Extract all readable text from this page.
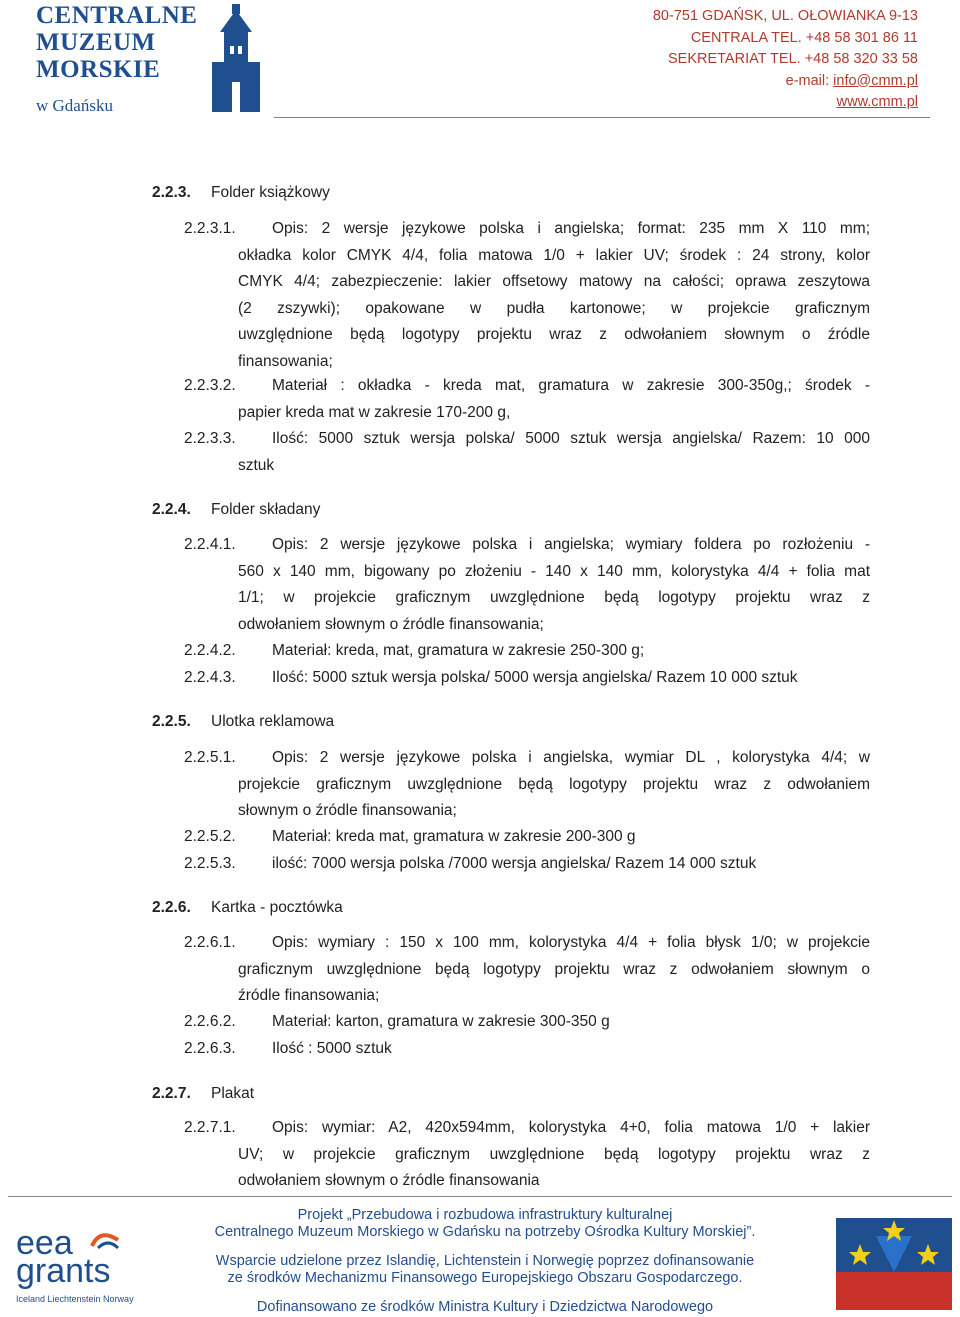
CENTRALNE
MUZEUM
MORSKIE
w Gdańsku
80-751 GDAŃSK, UL. OŁOWIANKA 9-13
CENTRALA TEL. +48 58 301 86 11
SEKRETARIAT TEL. +48 58 320 33 58
e-mail: info@cmm.pl
www.cmm.pl
2.2.3. Folder książkowy
2.2.3.1.	Opis: 2 wersje językowe polska i angielska; format: 235 mm X 110 mm;
okładka kolor CMYK 4/4, folia matowa 1/0 + lakier UV; środek : 24 strony, kolor
CMYK 4/4; zabezpieczenie: lakier offsetowy matowy na całości; oprawa zeszytowa
(2 zszywki); opakowane w pudła kartonowe; w projekcie graficznym
uwzględnione będą logotypy projektu wraz z odwołaniem słownym o źródle
finansowania;
2.2.3.2.	Materiał : okładka - kreda mat, gramatura w zakresie 300-350g,; środek -
papier kreda mat w zakresie 170-200 g,
2.2.3.3.	Ilość: 5000 sztuk wersja polska/ 5000 sztuk wersja angielska/ Razem: 10 000
sztuk
2.2.4. Folder składany
2.2.4.1.	Opis: 2 wersje językowe polska i angielska; wymiary foldera po rozłożeniu -
560 x 140 mm, bigowany po złożeniu - 140 x 140 mm, kolorystyka 4/4 + folia mat
1/1; w projekcie graficznym uwzględnione będą logotypy projektu wraz z
odwołaniem słownym o źródle finansowania;
2.2.4.2.	Materiał: kreda, mat, gramatura w zakresie 250-300 g;
2.2.4.3.	Ilość: 5000 sztuk wersja polska/ 5000 wersja angielska/ Razem 10 000 sztuk
2.2.5. Ulotka reklamowa
2.2.5.1.	Opis: 2 wersje językowe polska i angielska, wymiar DL , kolorystyka 4/4; w
projekcie graficznym uwzględnione będą logotypy projektu wraz z odwołaniem
słownym o źródle finansowania;
2.2.5.2.	Materiał: kreda mat, gramatura w zakresie 200-300 g
2.2.5.3.	ilość: 7000 wersja polska /7000 wersja angielska/ Razem 14 000 sztuk
2.2.6. Kartka - pocztówka
2.2.6.1.	Opis: wymiary : 150 x 100 mm, kolorystyka 4/4 + folia błysk 1/0; w projekcie
graficznym uwzględnione będą logotypy projektu wraz z odwołaniem słownym o
źródle finansowania;
2.2.6.2.	Materiał: karton, gramatura w zakresie 300-350 g
2.2.6.3.	Ilość : 5000 sztuk
2.2.7. Plakat
2.2.7.1.	Opis: wymiar: A2, 420x594mm, kolorystyka 4+0, folia matowa 1/0 + lakier
UV; w projekcie graficznym uwzględnione będą logotypy projektu wraz z
odwołaniem słownym o źródle finansowania
eea
grants
Iceland Liechtenstein Norway
Projekt „Przebudowa i rozbudowa infrastruktury kulturalnej
Centralnego Muzeum Morskiego w Gdańsku na potrzeby Ośrodka Kultury Morskiej”.
Wsparcie udzielone przez Islandię, Lichtenstein i Norwegię poprzez dofinansowanie
ze środków Mechanizmu Finansowego Europejskiego Obszaru Gospodarczego.
Dofinansowano ze środków Ministra Kultury i Dziedzictwa Narodowego
